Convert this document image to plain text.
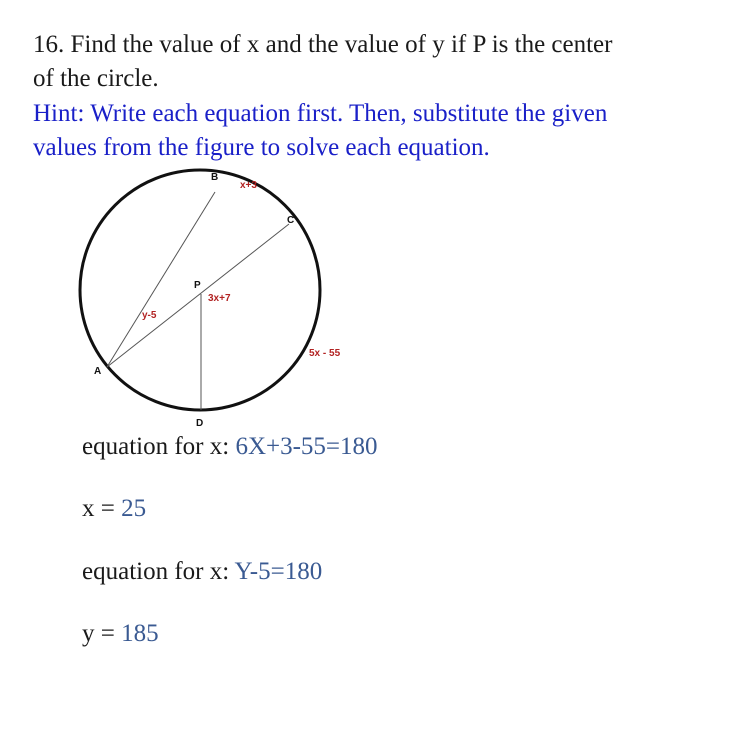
16. Find the value of x and the value of y if P is the center
of the circle.
Hint: Write each equation first. Then, substitute the given
values from the figure to solve each equation.
B
x+3
C
P
3x+7
y-5
5x - 55
A
D
equation for x: 6X+3-55=180
x = 25
equation for x: Y-5=180
y = 185
